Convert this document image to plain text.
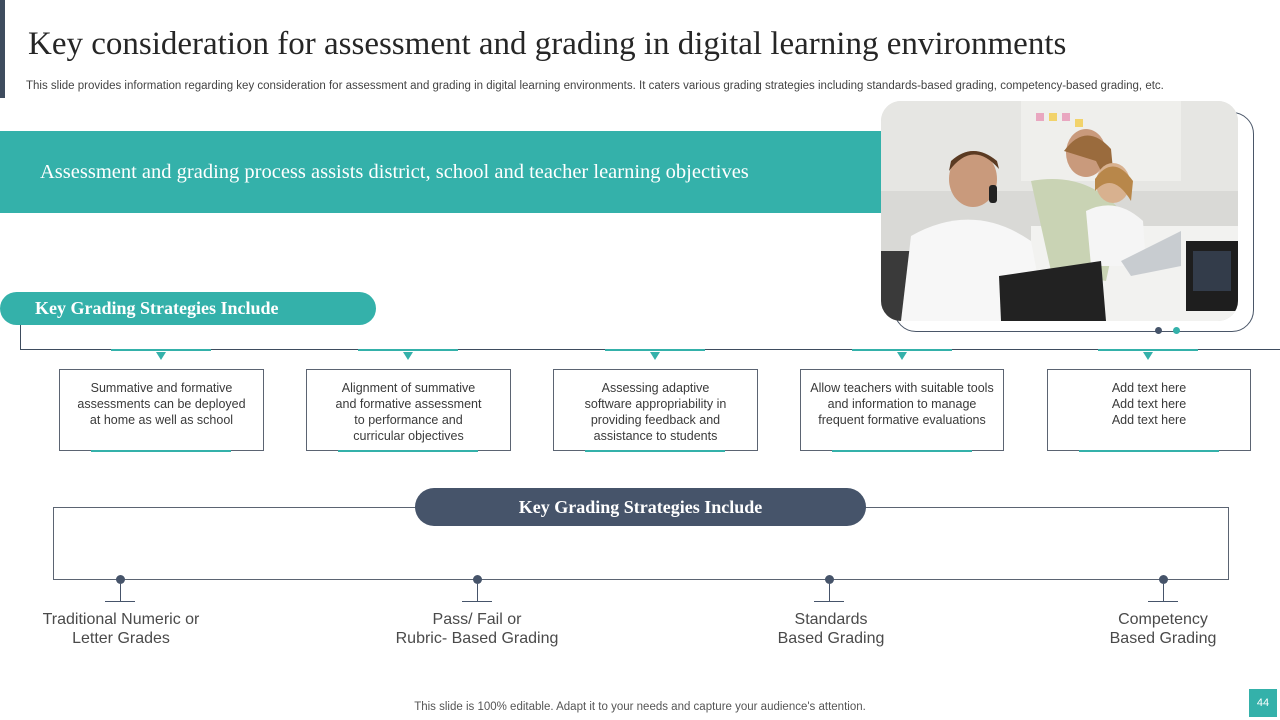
Key consideration for assessment and grading in digital learning environments
This slide provides information regarding key consideration for assessment and grading in digital learning environments. It caters various grading strategies including standards-based grading, competency-based grading, etc.
Assessment and grading process assists district, school and teacher learning objectives
Key Grading Strategies Include
Summative and formative
assessments can be deployed
at home as well as school
Alignment of summative
and formative assessment
to performance and
curricular objectives
Assessing adaptive
software appropriability in
providing feedback and
assistance to students
Allow teachers with suitable tools
and information to manage
frequent formative evaluations
Add text here
Add text here
Add text here
Key Grading Strategies Include
Traditional Numeric or
Letter Grades
Pass/ Fail or
Rubric- Based Grading
Standards
Based Grading
Competency
Based Grading
This slide is 100% editable. Adapt it to your needs and capture your audience's attention.	44
